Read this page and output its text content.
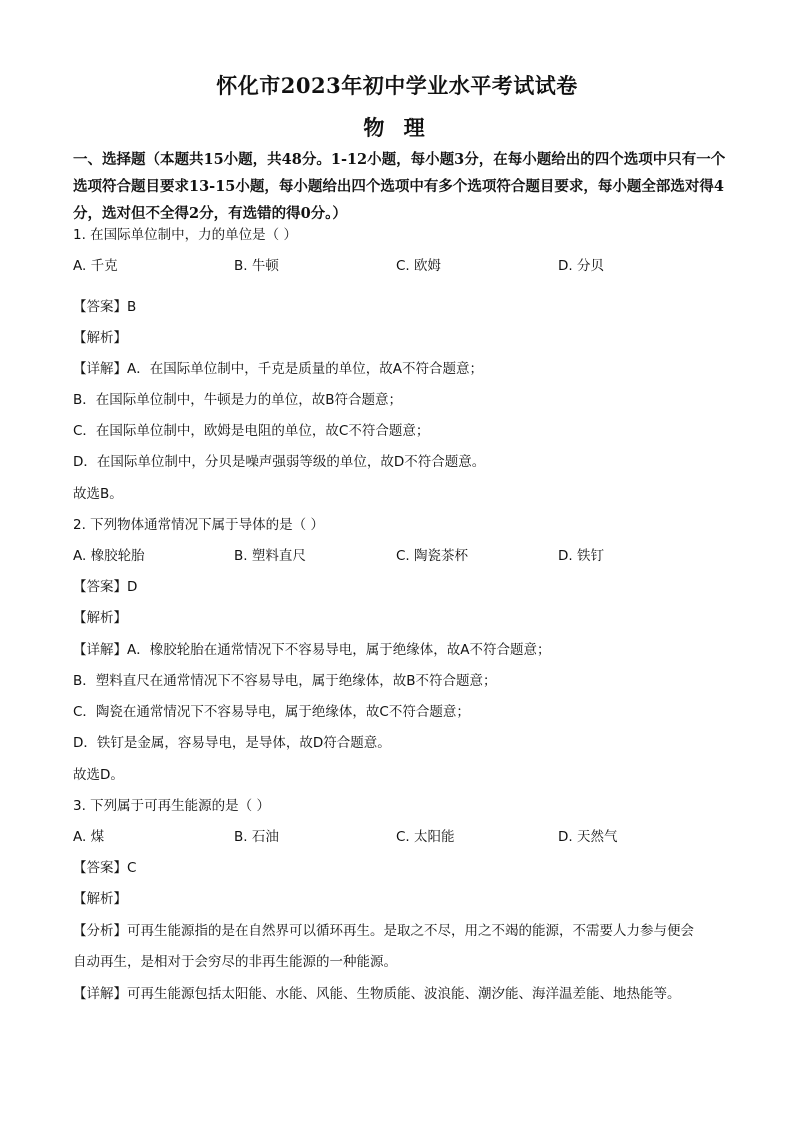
怀化市2023年初中学业水平考试试卷
物 理
一、选择题（本题共15小题，共48分。1-12小题，每小题3分，在每小题给出的四个选项中只有一个选项符合题目要求13-15小题，每小题给出四个选项中有多个选项符合题目要求，每小题全部选对得4分，选对但不全得2分，有选错的得0分。）
1. 在国际单位制中，力的单位是（ ）
A. 千克	B. 牛顿	C. 欧姆	D. 分贝
【答案】B
【解析】
【详解】A．在国际单位制中，千克是质量的单位，故A不符合题意；
B．在国际单位制中，牛顿是力的单位，故B符合题意；
C．在国际单位制中，欧姆是电阻的单位，故C不符合题意；
D．在国际单位制中，分贝是噪声强弱等级的单位，故D不符合题意。
故选B。
2. 下列物体通常情况下属于导体的是（ ）
A. 橡胶轮胎	B. 塑料直尺	C. 陶瓷茶杯	D. 铁钉
【答案】D
【解析】
【详解】A．橡胶轮胎在通常情况下不容易导电，属于绝缘体，故A不符合题意；
B．塑料直尺在通常情况下不容易导电，属于绝缘体，故B不符合题意；
C．陶瓷在通常情况下不容易导电，属于绝缘体，故C不符合题意；
D．铁钉是金属，容易导电，是导体，故D符合题意。
故选D。
3. 下列属于可再生能源的是（ ）
A. 煤	B. 石油	C. 太阳能	D. 天然气
【答案】C
【解析】
【分析】可再生能源指的是在自然界可以循环再生。是取之不尽，用之不竭的能源，不需要人力参与便会
自动再生，是相对于会穷尽的非再生能源的一种能源。
【详解】可再生能源包括太阳能、水能、风能、生物质能、波浪能、潮汐能、海洋温差能、地热能等。
